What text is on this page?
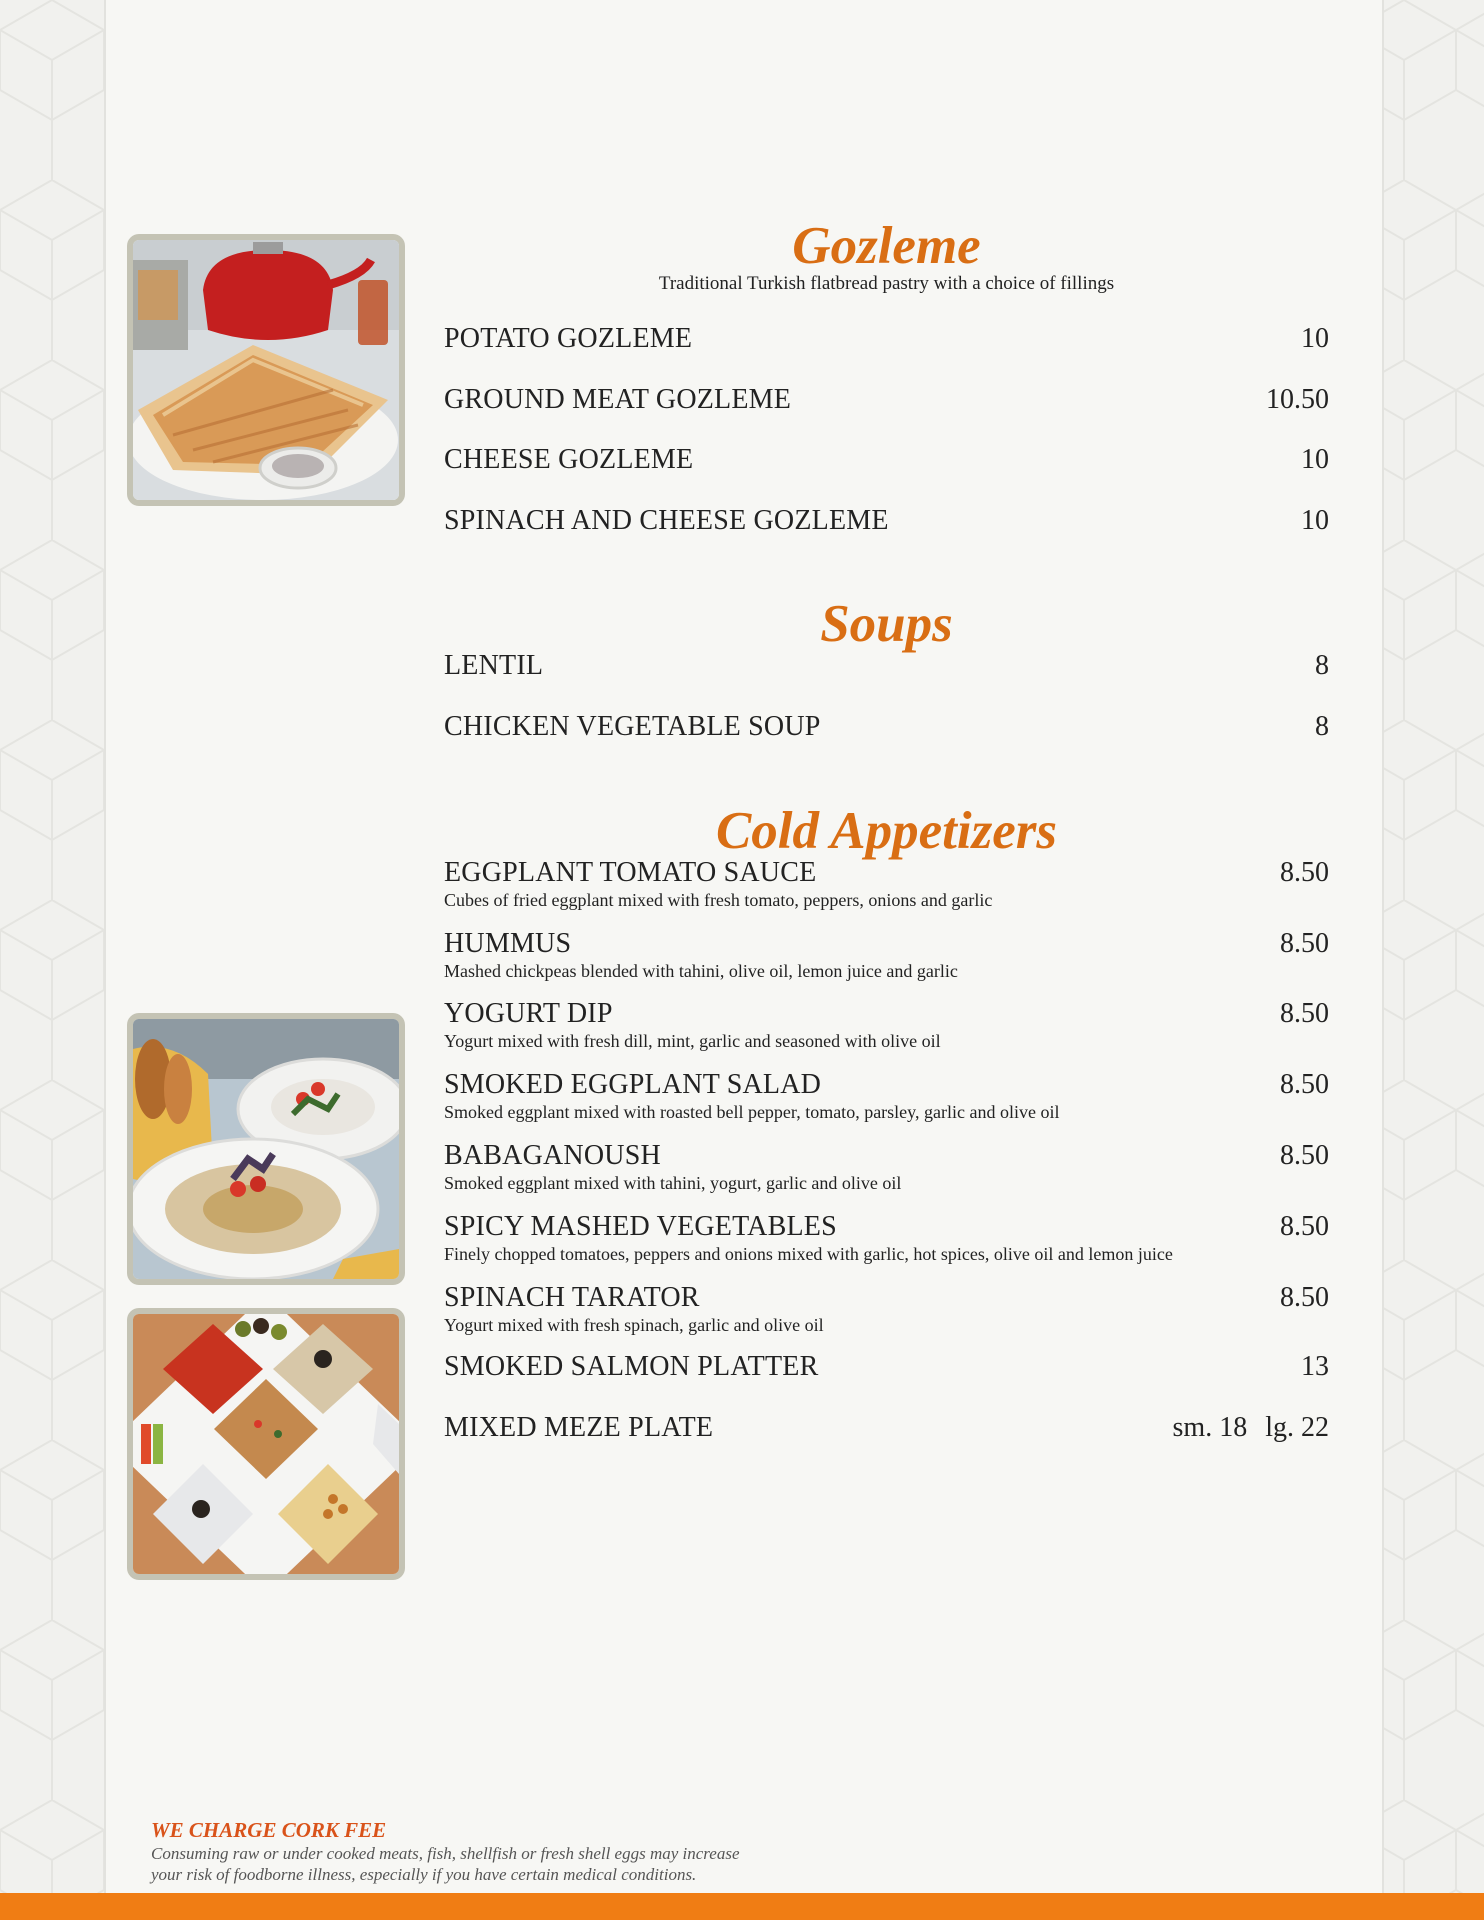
Gozleme
Traditional Turkish flatbread pastry with a choice of fillings
Soups
Cold Appetizers
POTATO GOZLEME	10
GROUND MEAT GOZLEME	10.50
CHEESE GOZLEME	10
SPINACH AND CHEESE GOZLEME	10
LENTIL	8
CHICKEN VEGETABLE SOUP	8
EGGPLANT TOMATO SAUCE	8.50
Cubes of fried eggplant mixed with fresh tomato, peppers, onions and garlic
HUMMUS	8.50
Mashed chickpeas blended with tahini, olive oil, lemon juice and garlic
YOGURT DIP	8.50
Yogurt mixed with fresh dill, mint, garlic and seasoned with olive oil
SMOKED EGGPLANT SALAD	8.50
Smoked eggplant mixed with roasted bell pepper, tomato, parsley, garlic and olive oil
BABAGANOUSH	8.50
Smoked eggplant mixed with tahini, yogurt, garlic and olive oil
SPICY MASHED VEGETABLES	8.50
Finely chopped tomatoes, peppers and onions mixed with garlic, hot spices, olive oil and lemon juice
SPINACH TARATOR	8.50
Yogurt mixed with fresh spinach, garlic and olive oil
SMOKED SALMON PLATTER	13
MIXED MEZE PLATE	sm. 18 lg. 22
WE CHARGE CORK FEE
Consuming raw or under cooked meats, fish, shellfish or fresh shell eggs may increase
your risk of foodborne illness, especially if you have certain medical conditions.
